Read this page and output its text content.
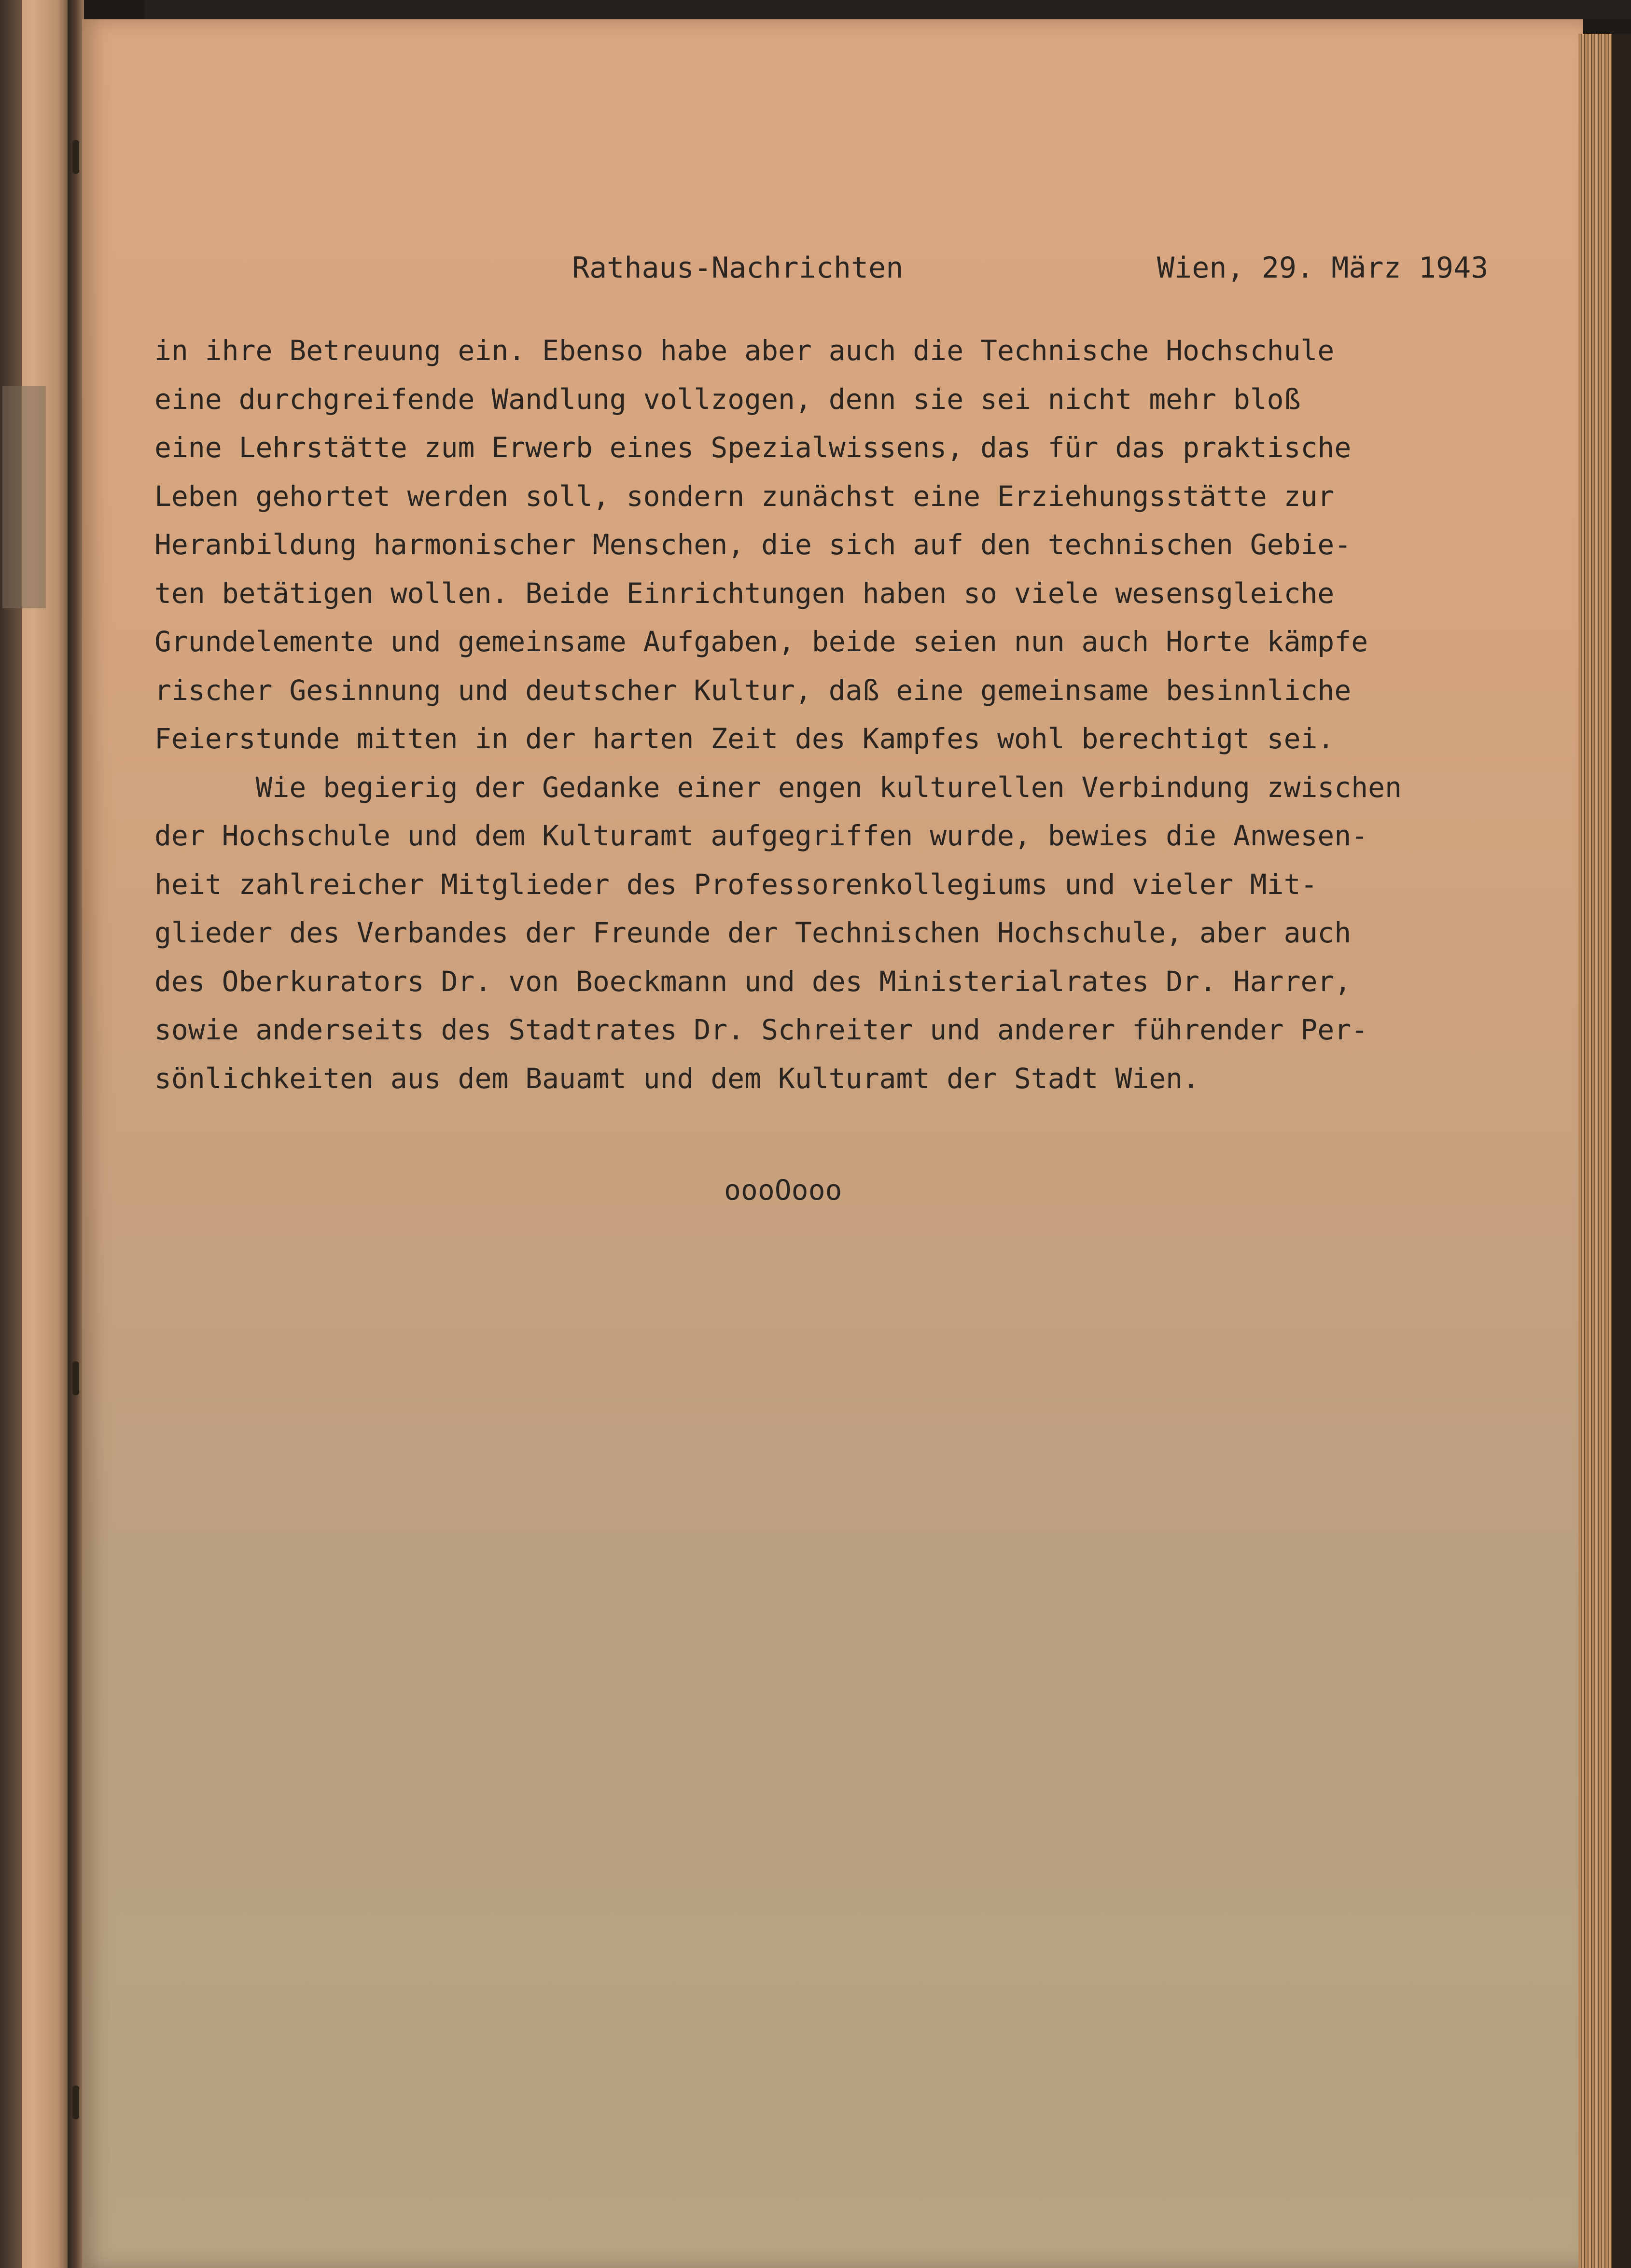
Rathaus-Nachrichten	Wien, 29. März 1943
in ihre Betreuung ein. Ebenso habe aber auch die Technische Hochschule
eine durchgreifende Wandlung vollzogen, denn sie sei nicht mehr bloß
eine Lehrstätte zum Erwerb eines Spezialwissens, das für das praktische
Leben gehortet werden soll, sondern zunächst eine Erziehungsstätte zur
Heranbildung harmonischer Menschen, die sich auf den technischen Gebie-
ten betätigen wollen. Beide Einrichtungen haben so viele wesensgleiche
Grundelemente und gemeinsame Aufgaben, beide seien nun auch Horte kämpfe
rischer Gesinnung und deutscher Kultur, daß eine gemeinsame besinnliche
Feierstunde mitten in der harten Zeit des Kampfes wohl berechtigt sei.
Wie begierig der Gedanke einer engen kulturellen Verbindung zwischen
der Hochschule und dem Kulturamt aufgegriffen wurde, bewies die Anwesen-
heit zahlreicher Mitglieder des Professorenkollegiums und vieler Mit-
glieder des Verbandes der Freunde der Technischen Hochschule, aber auch
des Oberkurators Dr. von Boeckmann und des Ministerialrates Dr. Harrer,
sowie anderseits des Stadtrates Dr. Schreiter und anderer führender Per-
sönlichkeiten aus dem Bauamt und dem Kulturamt der Stadt Wien.
oooOooo
